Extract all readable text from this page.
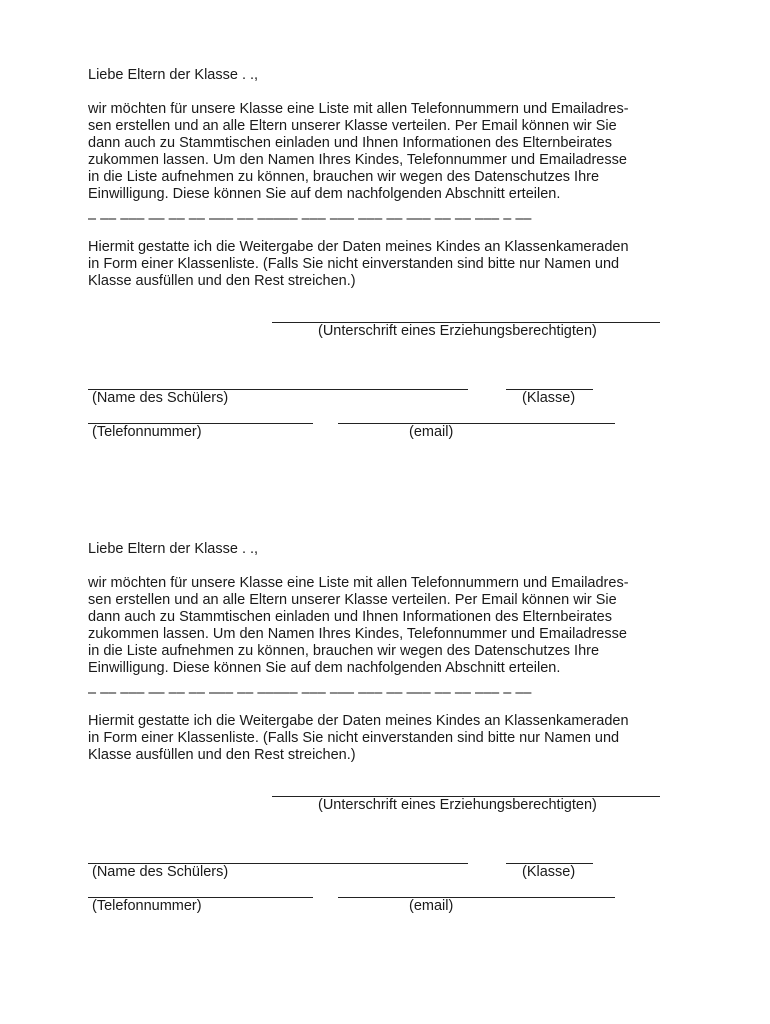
Liebe Eltern der Klasse . .,
wir möchten für unsere Klasse eine Liste mit allen Telefonnummern und Emailadres-
sen erstellen und an alle Eltern unserer Klasse verteilen. Per Email können wir Sie
dann auch zu Stammtischen einladen und Ihnen Informationen des Elternbeirates
zukommen lassen. Um den Namen Ihres Kindes, Telefonnummer und Emailadresse
in die Liste aufnehmen zu können, brauchen wir wegen des Datenschutzes Ihre
Einwilligung. Diese können Sie auf dem nachfolgenden Abschnitt erteilen.
– –– ––– –– –– –– ––– –– ––––– ––– ––– ––– –– ––– –– –– ––– – ––
Hiermit gestatte ich die Weitergabe der Daten meines Kindes an Klassenkameraden
in Form einer Klassenliste. (Falls Sie nicht einverstanden sind bitte nur Namen und
Klasse ausfüllen und den Rest streichen.)
(Unterschrift eines Erziehungsberechtigten)
(Name des Schülers)	(Klasse)
(Telefonnummer)	(email)
Liebe Eltern der Klasse . .,
wir möchten für unsere Klasse eine Liste mit allen Telefonnummern und Emailadres-
sen erstellen und an alle Eltern unserer Klasse verteilen. Per Email können wir Sie
dann auch zu Stammtischen einladen und Ihnen Informationen des Elternbeirates
zukommen lassen. Um den Namen Ihres Kindes, Telefonnummer und Emailadresse
in die Liste aufnehmen zu können, brauchen wir wegen des Datenschutzes Ihre
Einwilligung. Diese können Sie auf dem nachfolgenden Abschnitt erteilen.
– –– ––– –– –– –– ––– –– ––––– ––– ––– ––– –– ––– –– –– ––– – ––
Hiermit gestatte ich die Weitergabe der Daten meines Kindes an Klassenkameraden
in Form einer Klassenliste. (Falls Sie nicht einverstanden sind bitte nur Namen und
Klasse ausfüllen und den Rest streichen.)
(Unterschrift eines Erziehungsberechtigten)
(Name des Schülers)	(Klasse)
(Telefonnummer)	(email)
